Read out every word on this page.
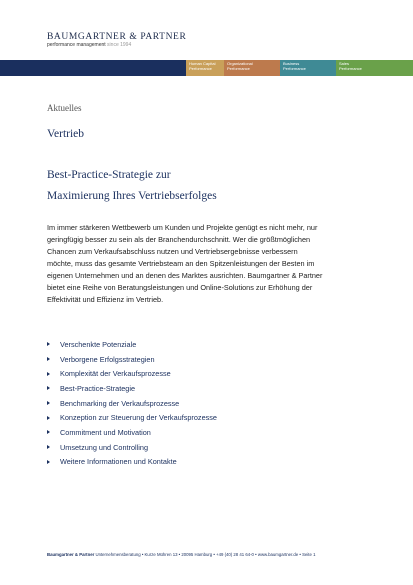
BAUMGARTNER & PARTNER
performance management since 1994
Human Capital
Performance
Organizational
Performance
Business
Performance
Sales
Performance
Aktuelles
Vertrieb
Best-Practice-Strategie zur
Maximierung Ihres Vertriebserfolges
Im immer stärkeren Wettbewerb um Kunden und Projekte genügt es nicht mehr, nur
geringfügig besser zu sein als der Branchendurchschnitt. Wer die größtmöglichen
Chancen zum Verkaufsabschluss nutzen und Vertriebsergebnisse verbessern
möchte, muss das gesamte Vertriebsteam an den Spitzenleistungen der Besten im
eigenen Unternehmen und an denen des Marktes ausrichten. Baumgartner & Partner
bietet eine Reihe von Beratungsleistungen und Online-Solutions zur Erhöhung der
Effektivität und Effizienz im Vertrieb.
Verschenkte Potenziale
Verborgene Erfolgsstrategien
Komplexität der Verkaufsprozesse
Best-Practice-Strategie
Benchmarking der Verkaufsprozesse
Konzeption zur Steuerung der Verkaufsprozesse
Commitment und Motivation
Umsetzung und Controlling
Weitere Informationen und Kontakte
Baumgartner & Partner Unternehmensberatung • Kurze Mühren 13 • 20095 Hamburg • +49 (40) 28 41 64-0 • www.baumgartner.de • Seite 1
